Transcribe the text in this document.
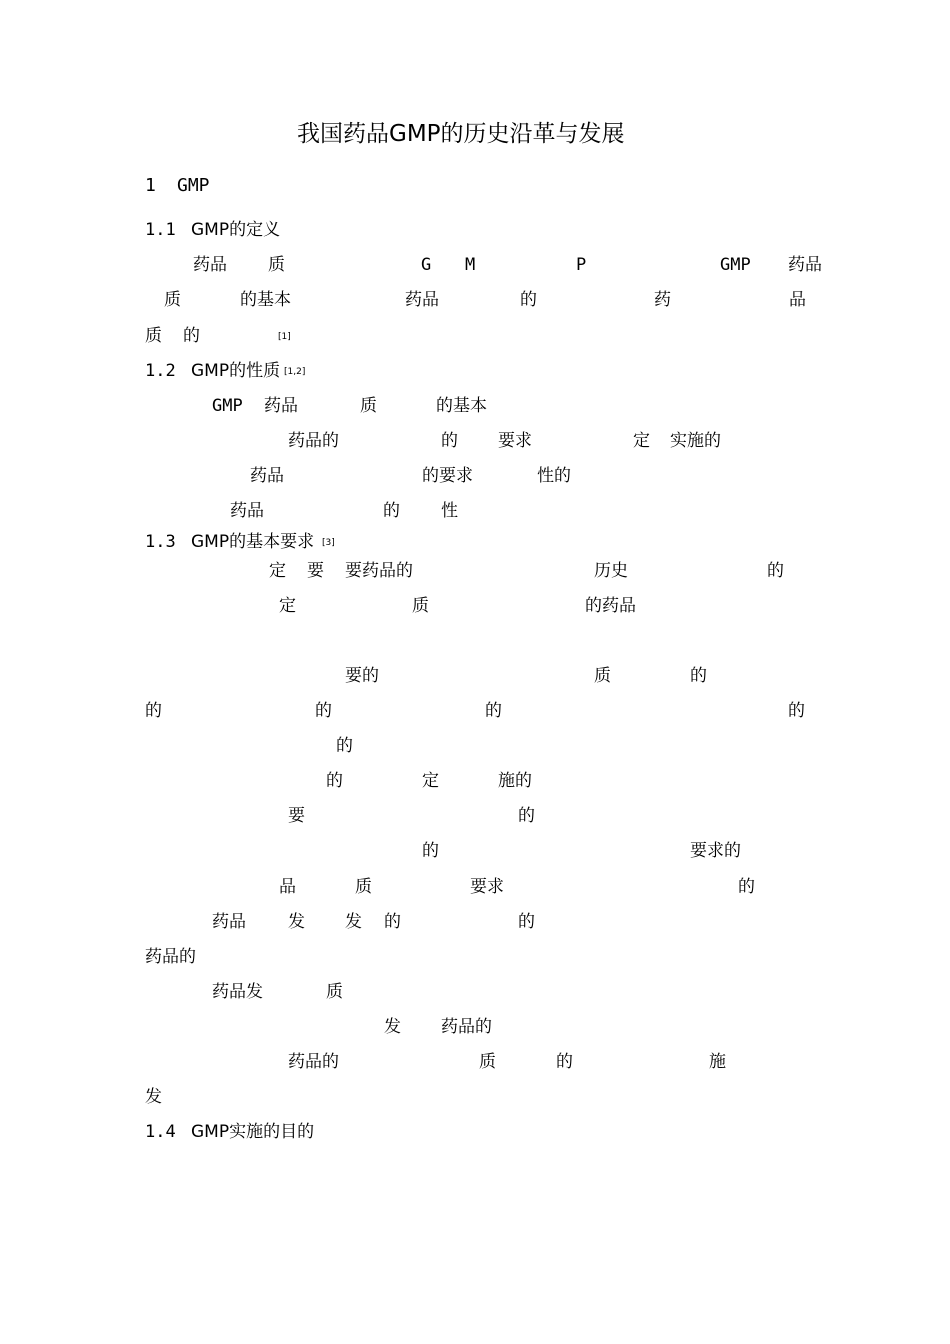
我国药品GMP的历史沿革与发展
1 GMP
1.1 GMP的定义
药品 质	G M	P	GMP 药品
质	的基本	药品	的	药	品
质 的	[1]
1.2 GMP的性质 [1,2]
GMP 药品	质	的基本
药品的	的 要求	定 实施的
药品	的要求	性的
药品	的 性
1.3 GMP的基本要求 [3]
定 要 要药品的	历史	的
定	质	的药品
要的	质	的
的	的	的	的
的
的	定	施的
要	的
的	要求的
品	质	要求	的
药品 发 发 的	的
药品的
药品发	质
发 药品的
药品的	质	的	施
发
1.4 GMP实施的目的
